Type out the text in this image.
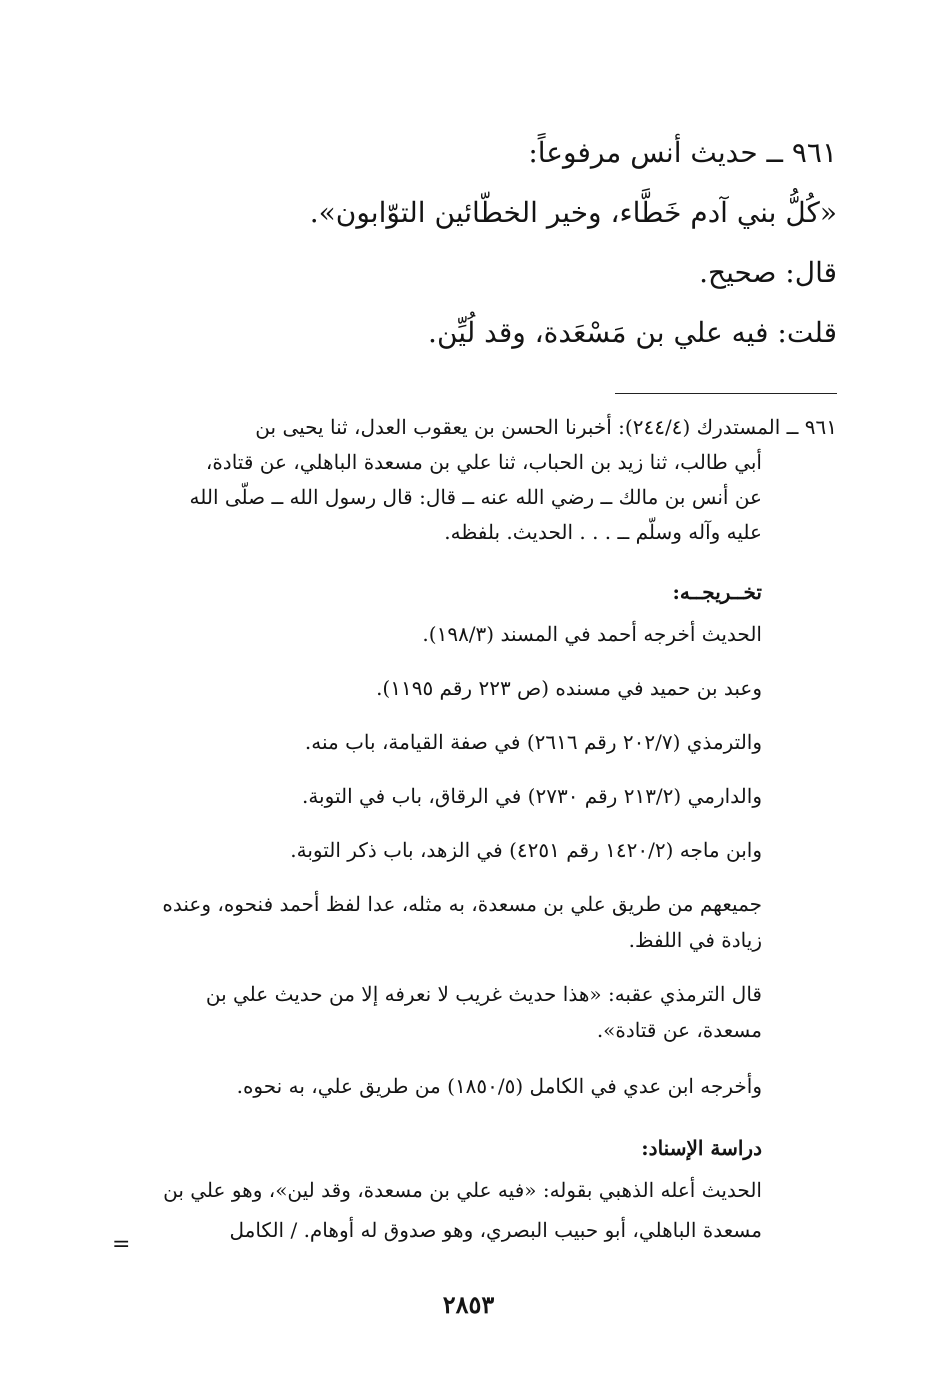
٩٦١ ــ حديث أنس مرفوعاً:
«كُلُّ بني آدم خَطَّاء، وخير الخطّائين التوّابون».
قال: صحيح.
قلت: فيه علي بن مَسْعَدة، وقد لُيِّن.
٩٦١ ــ المستدرك (٢٤٤/٤): أخبرنا الحسن بن يعقوب العدل، ثنا يحيى بن
أبي طالب، ثنا زيد بن الحباب، ثنا علي بن مسعدة الباهلي، عن قتادة،
عن أنس بن مالك ــ رضي الله عنه ــ قال: قال رسول الله ــ صلّى الله
عليه وآله وسلّم ــ . . . الحديث. بلفظه.
تخــريجــه:
الحديث أخرجه أحمد في المسند (١٩٨/٣).
وعبد بن حميد في مسنده (ص ٢٢٣ رقم ١١٩٥).
والترمذي (٢٠٢/٧ رقم ٢٦١٦) في صفة القيامة، باب منه.
والدارمي (٢١٣/٢ رقم ٢٧٣٠) في الرقاق، باب في التوبة.
وابن ماجه (١٤٢٠/٢ رقم ٤٢٥١) في الزهد، باب ذكر التوبة.
جميعهم من طريق علي بن مسعدة، به مثله، عدا لفظ أحمد فنحوه، وعنده
زيادة في اللفظ.
قال الترمذي عقبه: «هذا حديث غريب لا نعرفه إلا من حديث علي بن
مسعدة، عن قتادة».
وأخرجه ابن عدي في الكامل (١٨٥٠/٥) من طريق علي، به نحوه.
دراسة الإسناد:
الحديث أعله الذهبي بقوله: «فيه علي بن مسعدة، وقد لين»، وهو علي بن
مسعدة الباهلي، أبو حبيب البصري، وهو صدوق له أوهام. / الكامل
=
٢٨٥٣
